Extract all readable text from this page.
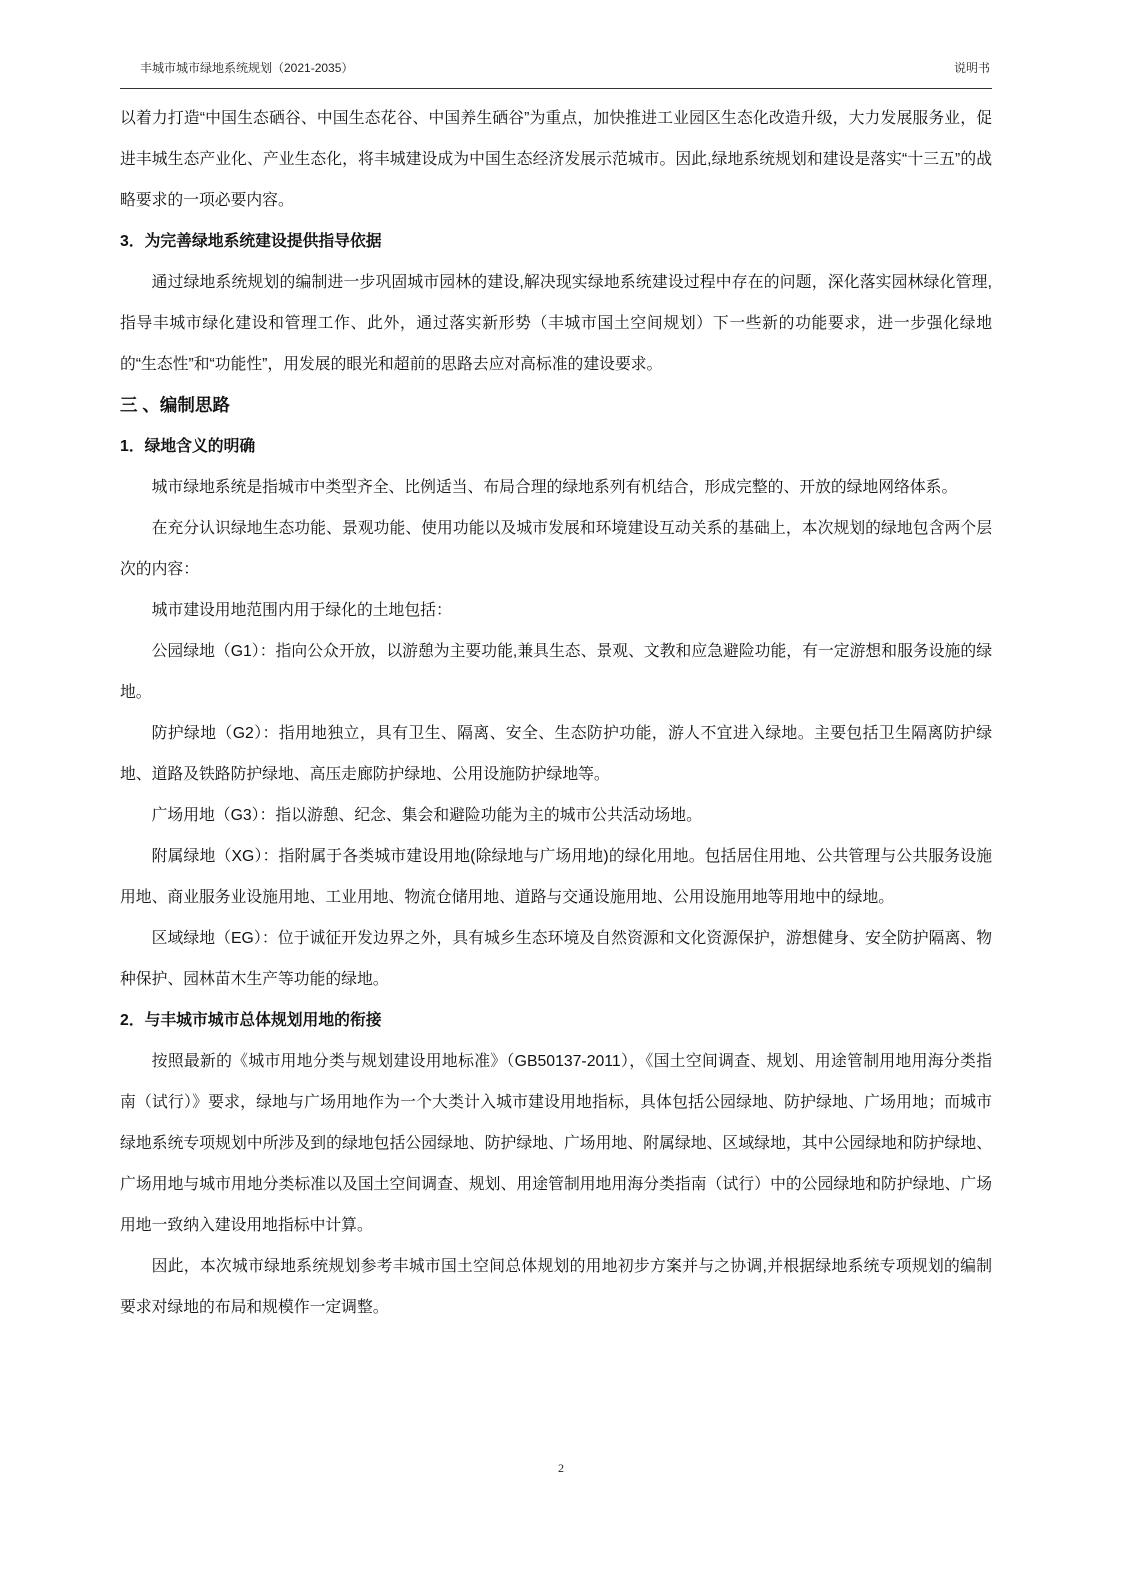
丰城市城市绿地系统规划（2021-2035）	说明书

以着力打造“中国生态硒谷、中国生态花谷、中国养生硒谷”为重点，加快推进工业园区生态化改造升级，大力发展服务业，促进丰城生态产业化、产业生态化，将丰城建设成为中国生态经济发展示范城市。因此,绿地系统规划和建设是落实“十三五”的战略要求的一项必要内容。

3．为完善绿地系统建设提供指导依据

通过绿地系统规划的编制进一步巩固城市园林的建设,解决现实绿地系统建设过程中存在的问题，深化落实园林绿化管理,指导丰城市绿化建设和管理工作、此外，通过落实新形势（丰城市国土空间规划）下一些新的功能要求，进一步强化绿地的“生态性”和“功能性”，用发展的眼光和超前的思路去应对高标准的建设要求。

三 、编制思路
1．绿地含义的明确

城市绿地系统是指城市中类型齐全、比例适当、布局合理的绿地系列有机结合，形成完整的、开放的绿地网络体系。

在充分认识绿地生态功能、景观功能、使用功能以及城市发展和环境建设互动关系的基础上，本次规划的绿地包含两个层次的内容：

城市建设用地范围内用于绿化的土地包括：

公园绿地（G1）：指向公众开放，以游憩为主要功能,兼具生态、景观、文教和应急避险功能，有一定游想和服务设施的绿地。

防护绿地（G2）：指用地独立，具有卫生、隔离、安全、生态防护功能，游人不宜进入绿地。主要包括卫生隔离防护绿地、道路及铁路防护绿地、高压走廊防护绿地、公用设施防护绿地等。

广场用地（G3）：指以游憩、纪念、集会和避险功能为主的城市公共活动场地。

附属绿地（XG）：指附属于各类城市建设用地(除绿地与广场用地)的绿化用地。包括居住用地、公共管理与公共服务设施用地、商业服务业设施用地、工业用地、物流仓储用地、道路与交通设施用地、公用设施用地等用地中的绿地。

区域绿地（EG）：位于诚征开发边界之外，具有城乡生态环境及自然资源和文化资源保护，游想健身、安全防护隔离、物种保护、园林苗木生产等功能的绿地。

2．与丰城市城市总体规划用地的衔接

按照最新的《城市用地分类与规划建设用地标准》（GB50137-2011），《国土空间调查、规划、用途管制用地用海分类指南（试行）》要求，绿地与广场用地作为一个大类计入城市建设用地指标，具体包括公园绿地、防护绿地、广场用地；而城市绿地系统专项规划中所涉及到的绿地包括公园绿地、防护绿地、广场用地、附属绿地、区域绿地，其中公园绿地和防护绿地、广场用地与城市用地分类标准以及国土空间调查、规划、用途管制用地用海分类指南（试行）中的公园绿地和防护绿地、广场用地一致纳入建设用地指标中计算。

因此，本次城市绿地系统规划参考丰城市国土空间总体规划的用地初步方案并与之协调,并根据绿地系统专项规划的编制要求对绿地的布局和规模作一定调整。

2
